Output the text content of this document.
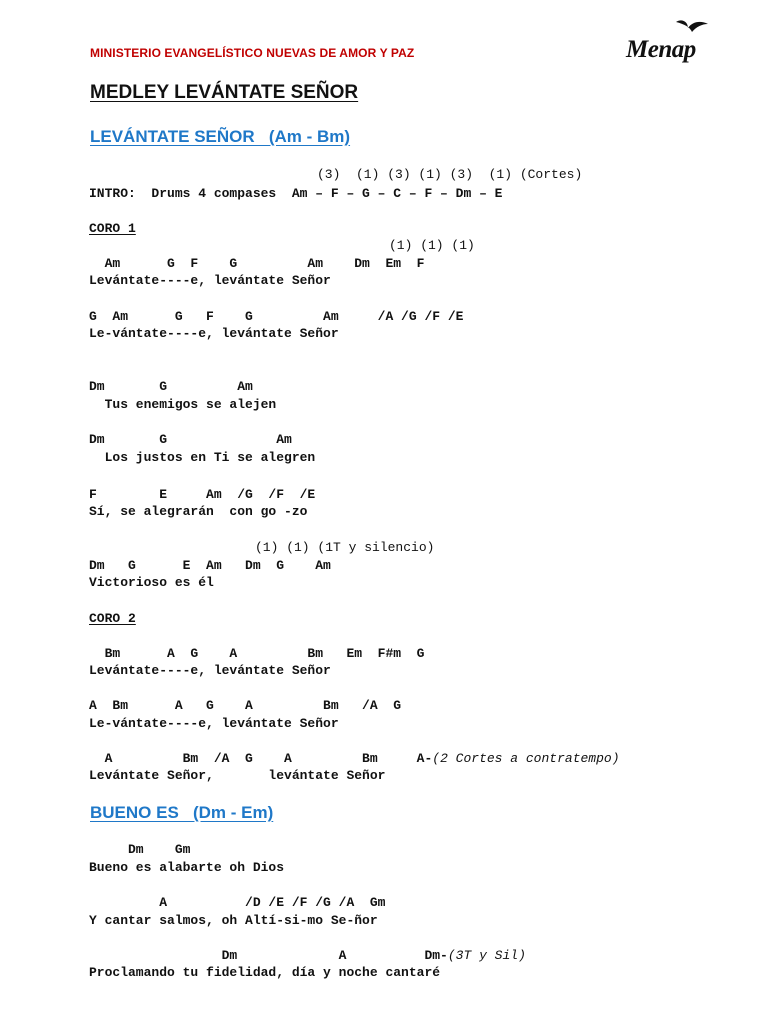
MINISTERIO EVANGELÍSTICO NUEVAS DE AMOR Y PAZ	Menap
MEDLEY LEVÁNTATE SEÑOR
LEVÁNTATE SEÑOR   (Am - Bm)
(3)  (1) (3) (1) (3)  (1) (Cortes)
INTRO:  Drums 4 compases  Am – F – G – C – F – Dm – E
CORO 1
(1) (1) (1)
Am      G  F    G         Am    Dm  Em  F
Levántate----e, levántate Señor
G  Am      G   F    G         Am     /A /G /F /E
Le-vántate----e, levántate Señor
Dm       G         Am
Tus enemigos se alejen
Dm       G              Am
Los justos en Ti se alegren
F        E     Am  /G  /F  /E
Sí, se alegrarán  con go -zo
(1) (1) (1T y silencio)
Dm   G      E  Am   Dm  G    Am
Victorioso es él
CORO 2
Bm      A  G    A         Bm   Em  F#m  G
Levántate----e, levántate Señor
A  Bm      A   G    A         Bm   /A  G
Le-vántate----e, levántate Señor
A         Bm  /A  G    A         Bm     A-(2 Cortes a contratempo)
Levántate Señor,       levántate Señor
BUENO ES   (Dm - Em)
Dm    Gm
Bueno es alabarte oh Dios
A          /D /E /F /G /A  Gm
Y cantar salmos, oh Altí-si-mo Se-ñor
Dm             A          Dm-(3T y Sil)
Proclamando tu fidelidad, día y noche cantaré
